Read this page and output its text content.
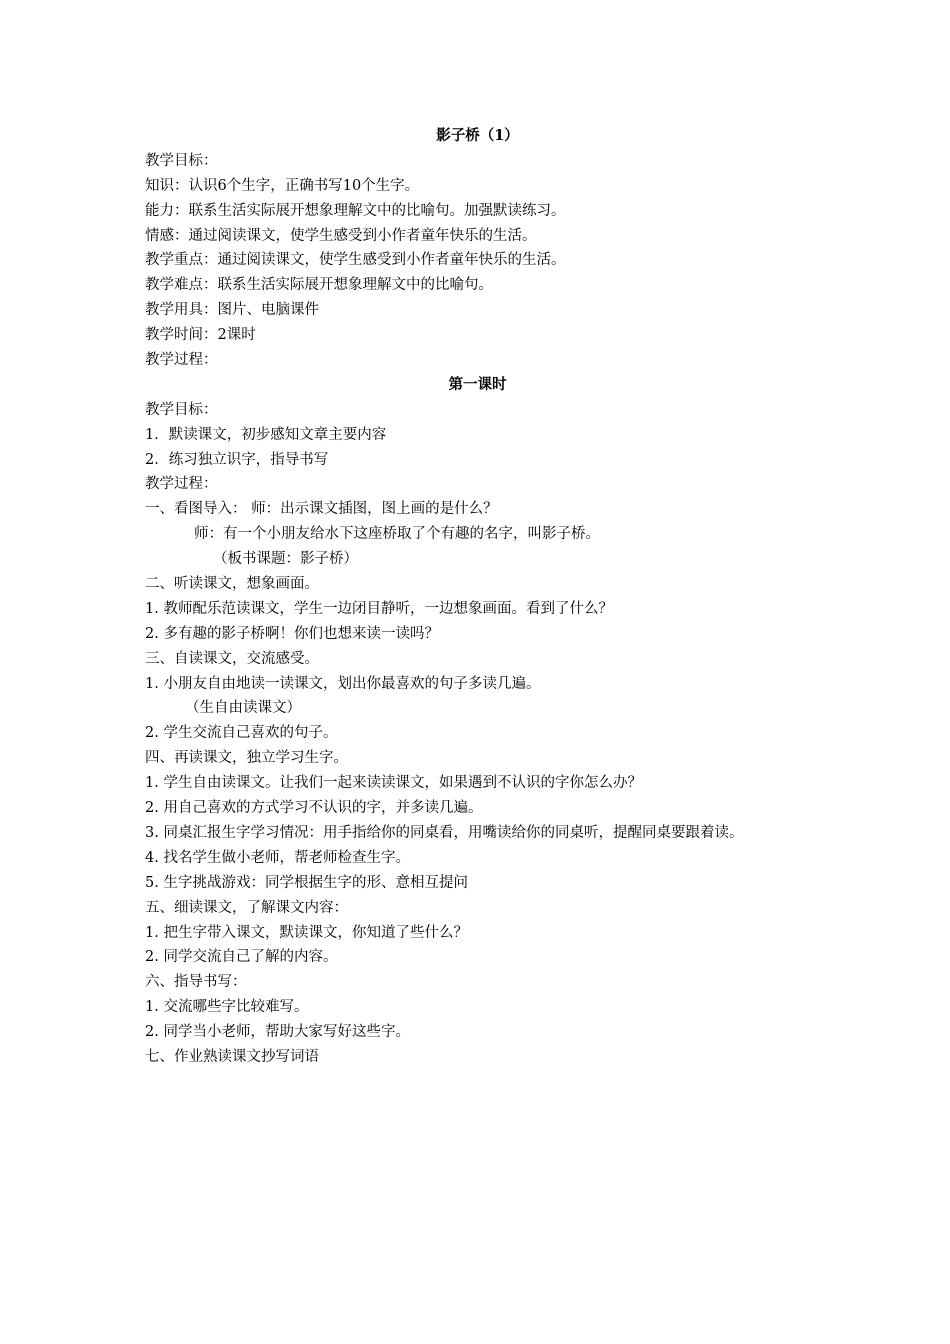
影子桥（1）
教学目标：
知识：认识6个生字，正确书写10个生字。
能力：联系生活实际展开想象理解文中的比喻句。加强默读练习。
情感：通过阅读课文，使学生感受到小作者童年快乐的生活。
教学重点：通过阅读课文，使学生感受到小作者童年快乐的生活。
教学难点：联系生活实际展开想象理解文中的比喻句。
教学用具：图片、电脑课件
教学时间：2课时
教学过程：
第一课时
教学目标：
1．默读课文，初步感知文章主要内容
2．练习独立识字，指导书写
教学过程：
一、看图导入： 师：出示课文插图，图上画的是什么？
师：有一个小朋友给水下这座桥取了个有趣的名字，叫影子桥。
（板书课题：影子桥）
二、听读课文，想象画面。
1. 教师配乐范读课文，学生一边闭目静听，一边想象画面。看到了什么？
2. 多有趣的影子桥啊！你们也想来读一读吗？
三、自读课文，交流感受。
1. 小朋友自由地读一读课文，划出你最喜欢的句子多读几遍。
（生自由读课文）
2. 学生交流自己喜欢的句子。
四、再读课文，独立学习生字。
1. 学生自由读课文。让我们一起来读读课文，如果遇到不认识的字你怎么办？
2. 用自己喜欢的方式学习不认识的字，并多读几遍。
3. 同桌汇报生字学习情况：用手指给你的同桌看，用嘴读给你的同桌听，提醒同桌要跟着读。
4. 找名学生做小老师，帮老师检查生字。
5. 生字挑战游戏：同学根据生字的形、意相互提问
五、细读课文，了解课文内容：
1. 把生字带入课文，默读课文，你知道了些什么？
2. 同学交流自己了解的内容。
六、指导书写：
1. 交流哪些字比较难写。
2. 同学当小老师，帮助大家写好这些字。
七、作业熟读课文抄写词语
